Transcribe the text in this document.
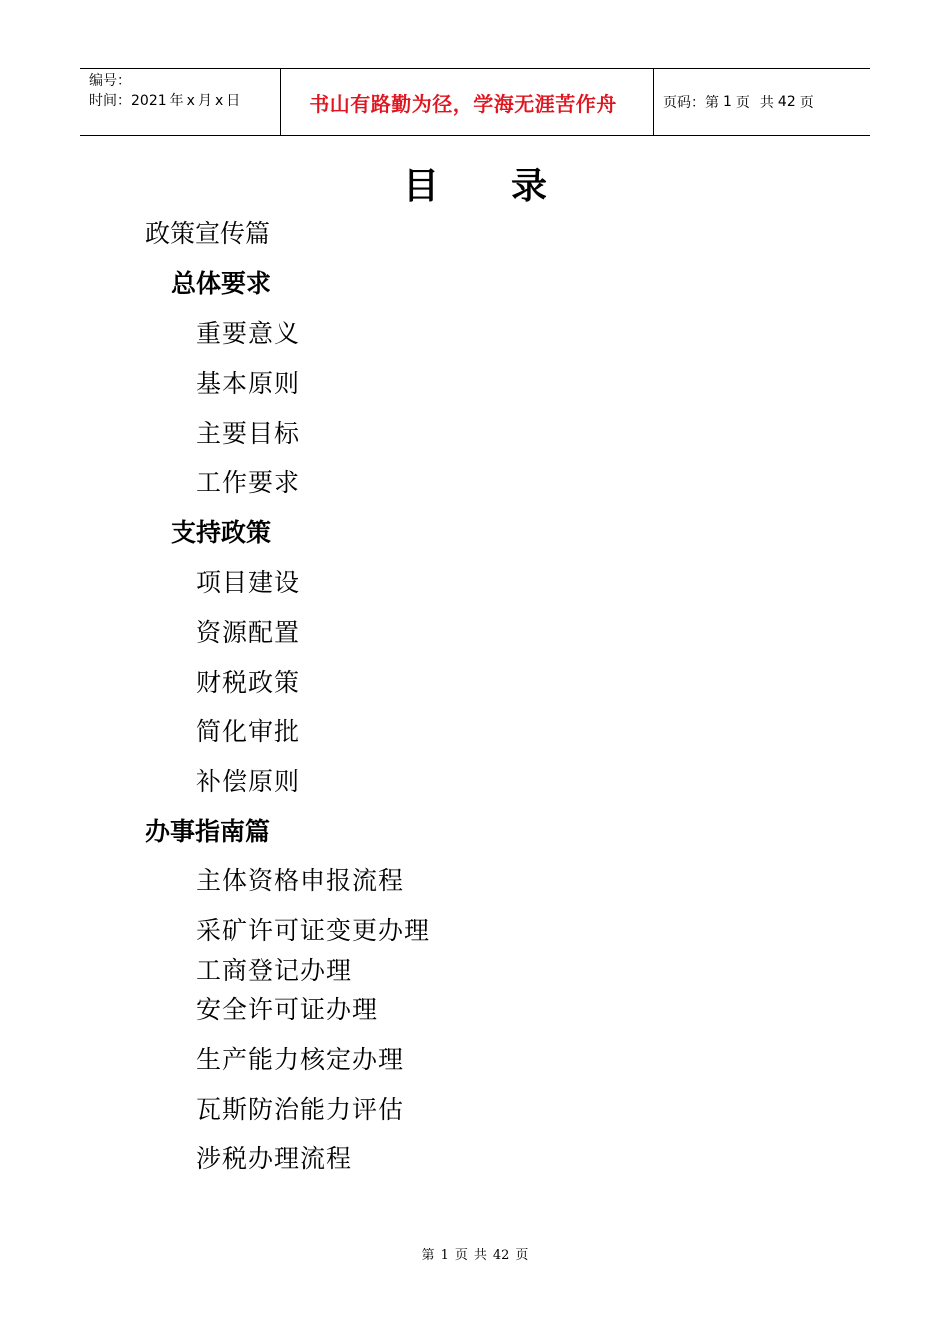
编号：
时间：2021 年 x 月 x 日	书山有路勤为径，学海无涯苦作舟	页码：第 1 页 共 42 页
目 录
政策宣传篇
总体要求
重要意义
基本原则
主要目标
工作要求
支持政策
项目建设
资源配置
财税政策
简化审批
补偿原则
办事指南篇
主体资格申报流程
采矿许可证变更办理
工商登记办理
安全许可证办理
生产能力核定办理
瓦斯防治能力评估
涉税办理流程
第 1 页 共 42 页
